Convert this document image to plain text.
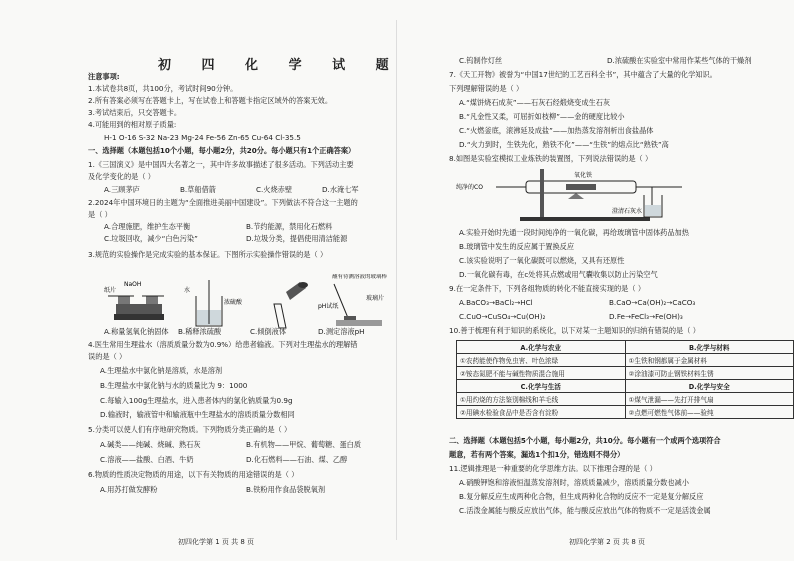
初 四 化 学 试 题
注意事项:
1.本试卷共8页，共100分，考试时间90分钟。
2.所有答案必须写在答题卡上，写在试卷上和答题卡指定区域外的答案无效。
3.考试结束后，只交答题卡。
4.可能用到的相对原子质量:
H-1 O-16 S-32 Na-23 Mg-24 Fe-56 Zn-65 Cu-64 Cl-35.5
一、选择题（本题包括10个小题，每小题2分，共20分。每小题只有1个正确答案）
1.《三国演义》是中国四大名著之一，其中许多故事描述了很多活动。下列活动主要
及化学变化的是（ ）
A.三顾茅庐	B.草船借箭	C.火烧赤壁	D.水淹七军
2.2024年中国环境日的主题为“全面推进美丽中国建设”。下列做法不符合这一主题的
是（ ）
A.合理施肥，维护生态平衡	B.节约能源，禁用化石燃料
C.垃圾回收，减少“白色污染”	D.垃圾分类，提倡使用清洁能源
3.规范的实验操作是完成实验的基本保证。下图所示实验操作错误的是（ ）
NaOH
纸片	水
浓硫酸
蘸有待测溶液的玻璃棒
pH试纸
玻璃片
A.称量氢氧化钠固体 B.稀释浓硫酸	C.倾倒液体	D.测定溶液pH
4.医生常用生理盐水（溶质质量分数为0.9%）给患者输液。下列对生理盐水的理解错
误的是（ ）
A.生理盐水中氯化钠是溶质，水是溶剂
B.生理盐水中氯化钠与水的质量比为 9：1000
C.每输入100g生理盐水，进入患者体内的氯化钠质量为0.9g
D.输液时，输液管中和输液瓶中生理盐水的溶质质量分数相同
5.分类可以使人们有序地研究物质。下列物质分类正确的是（ ）
A.碱类——纯碱、烧碱、熟石灰	B.有机物——甲烷、葡萄糖、蛋白质
C.溶液——盐酸、白酒、牛奶	D.化石燃料——石油、煤、乙醇
6.物质的性质决定物质的用途，以下有关物质的用途错误的是（ ）
A.用苏打做发酵粉	B.铁粉用作食品袋脱氧剂
初四化学第 1 页 共 8 页
C.钨制作灯丝	D.浓硫酸在实验室中常用作某些气体的干燥剂
7.《天工开物》被誉为“中国17世纪的工艺百科全书”，其中蕴含了大量的化学知识。
下列理解错误的是（ ）
A.“煤饼烧石成灰”——石灰石经煅烧变成生石灰
B.“凡金性又柔，可屈折如枝柳”——金的硬度比较小
C.“火燃釜底，滚沸延及成盐”——加热蒸发溶剂析出食盐晶体
D.“火力到时，生铁先化，熟铁不化”——“生铁”的熔点比“熟铁”高
8.如图是实验室模拟工业炼铁的装置图，下列说法错误的是（ ）
纯净的CO
氧化铁
澄清石灰水
A.实验开始时先通一段时间纯净的一氧化碳，再给玻璃管中固体药品加热
B.玻璃管中发生的反应属于置换反应
C.该实验说明了一氧化碳既可以燃烧，又具有还原性
D.一氧化碳有毒，在c处将其点燃或用气囊收集以防止污染空气
9.在一定条件下，下列各组物质的转化不能直接实现的是（ ）
A.BaCO₃→BaCl₂→HCl	B.CaO→Ca(OH)₂→CaCO₃
C.CuO→CuSO₄→Cu(OH)₂	D.Fe→FeCl₃→Fe(OH)₃
10.善于梳理有利于知识的系统化，以下对某一主题知识的归纳有错误的是（ ）
A.化学与农业	B.化学与材料
①农药能使作物免虫害、叶色浓绿	①生铁和钢都属于金属材料
②铵态氮肥不能与碱性物质混合施用	②涂油漆可防止钢铁材料生锈
C.化学与生活	D.化学与安全
①用灼烧的方法鉴别棉线和羊毛线	①煤气泄漏——先打开排气扇
②用碘水检验食品中是否含有淀粉	②点燃可燃性气体前——验纯
二、选择题（本题包括5个小题，每小题2分，共10分。每小题有一个或两个选项符合
题意，若有两个答案，漏选1个扣1分，错选则不得分）
11.逻辑推理是一种重要的化学思维方法。以下推理合理的是（ ）
A.硝酸钾饱和溶液恒温蒸发溶剂时，溶质质量减少，溶质质量分数也减小
B.复分解反应生成两种化合物，但生成两种化合物的反应不一定是复分解反应
C.活泼金属能与酸反应放出气体，能与酸反应放出气体的物质不一定是活泼金属
初四化学第 2 页 共 8 页
